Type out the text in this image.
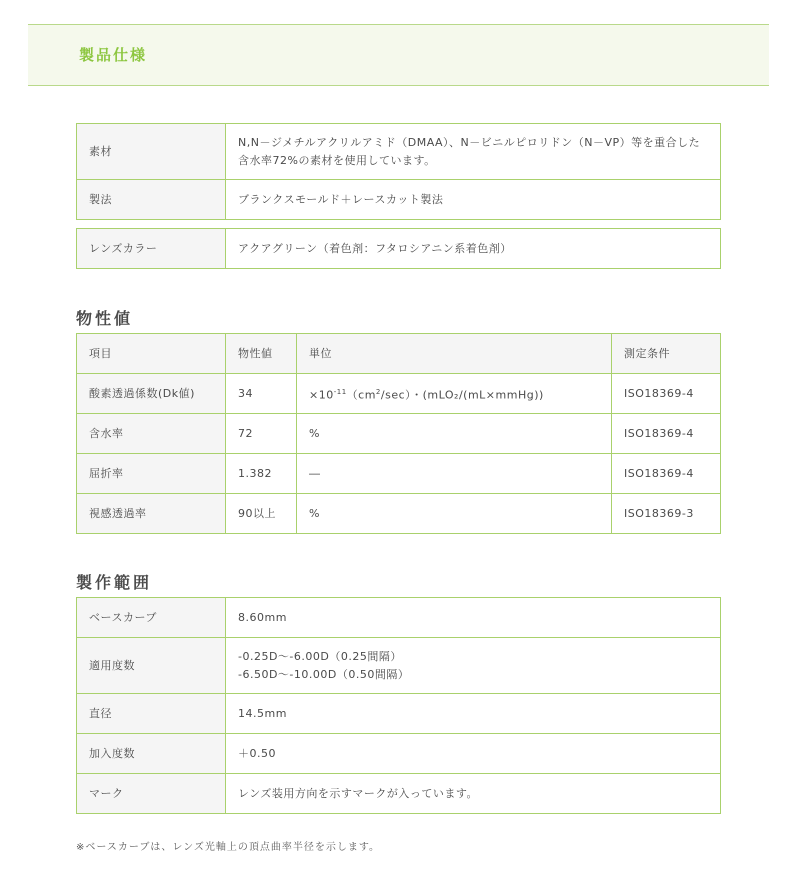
製品仕様
素材	N,N－ジメチルアクリルアミド（DMAA）、N－ビニルピロリドン（N－VP）等を重合した
含水率72%の素材を使用しています。

製法	ブランクスモールド＋レースカット製法
レンズカラー	アクアグリーン（着色剤：フタロシアニン系着色剤）
物性値
項目	物性値	単位	測定条件
酸素透過係数(Dk値)	34	$\times 10^{-11}(cm^2/\sec)$・(mLO₂/(mL×mmHg))	ISO18369-4
含水率	72	%	ISO18369-4
屈折率	1.382	―	ISO18369-4
視感透過率	90以上	%	ISO18369-3
製作範囲
ベースカーブ	8.60mm
適用度数	-0.25D～-6.00D（0.25間隔）
-6.50D～-10.00D（0.50間隔）

直径	14.5mm
加入度数	＋0.50
マーク	レンズ装用方向を示すマークが入っています。
※ベースカーブは、レンズ光軸上の頂点曲率半径を示します。
